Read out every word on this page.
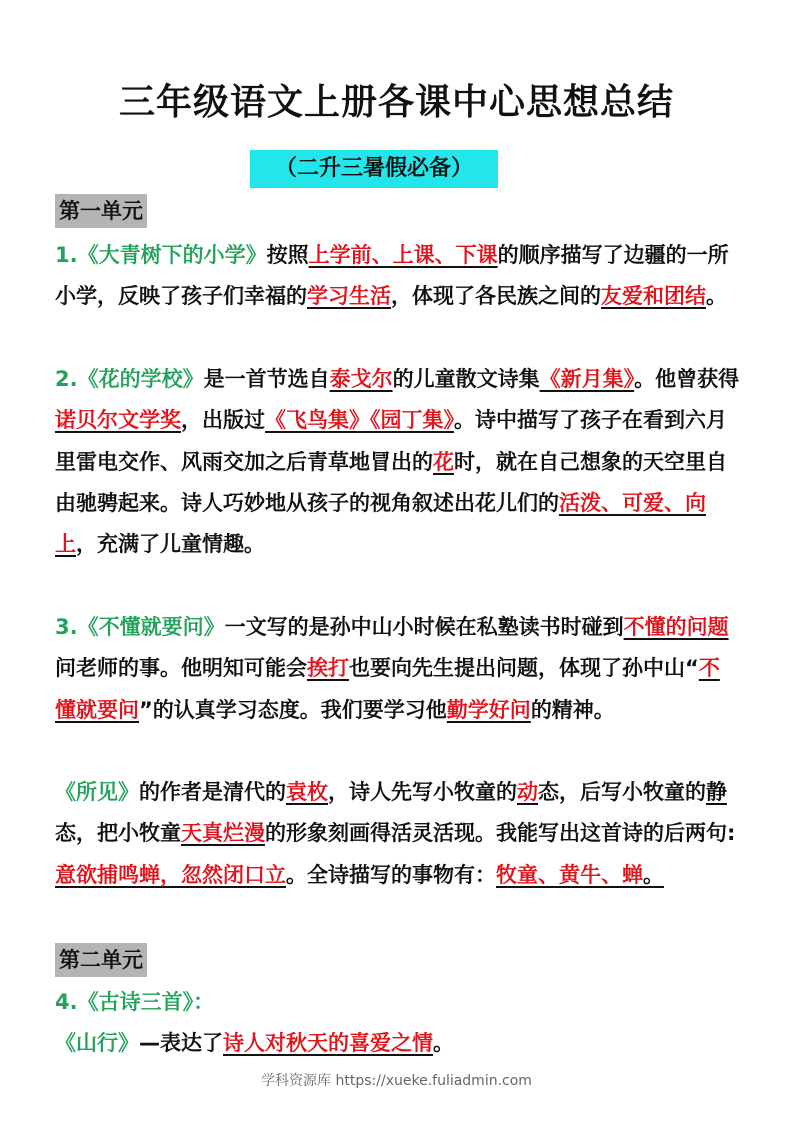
三年级语文上册各课中心思想总结
（二升三暑假必备）
第一单元
1.《大青树下的小学》按照上学前、上课、下课的顺序描写了边疆的一所小学，反映了孩子们幸福的学习生活，体现了各民族之间的友爱和团结。
2.《花的学校》是一首节选自泰戈尔的儿童散文诗集《新月集》。他曾获得诺贝尔文学奖，出版过《飞鸟集》《园丁集》。诗中描写了孩子在看到六月里雷电交作、风雨交加之后青草地冒出的花时，就在自己想象的天空里自由驰骋起来。诗人巧妙地从孩子的视角叙述出花儿们的活泼、可爱、向上，充满了儿童情趣。
3.《不懂就要问》一文写的是孙中山小时候在私塾读书时碰到不懂的问题问老师的事。他明知可能会挨打也要向先生提出问题，体现了孙中山“不懂就要问”的认真学习态度。我们要学习他勤学好问的精神。
《所见》的作者是清代的袁枚，诗人先写小牧童的动态，后写小牧童的静态，把小牧童天真烂漫的形象刻画得活灵活现。我能写出这首诗的后两句:意欲捕鸣蝉，忽然闭口立。全诗描写的事物有：牧童、黄牛、蝉。
第二单元
4.《古诗三首》：
《山行》—表达了诗人对秋天的喜爱之情。
学科资源库 https://xueke.fuliadmin.com
